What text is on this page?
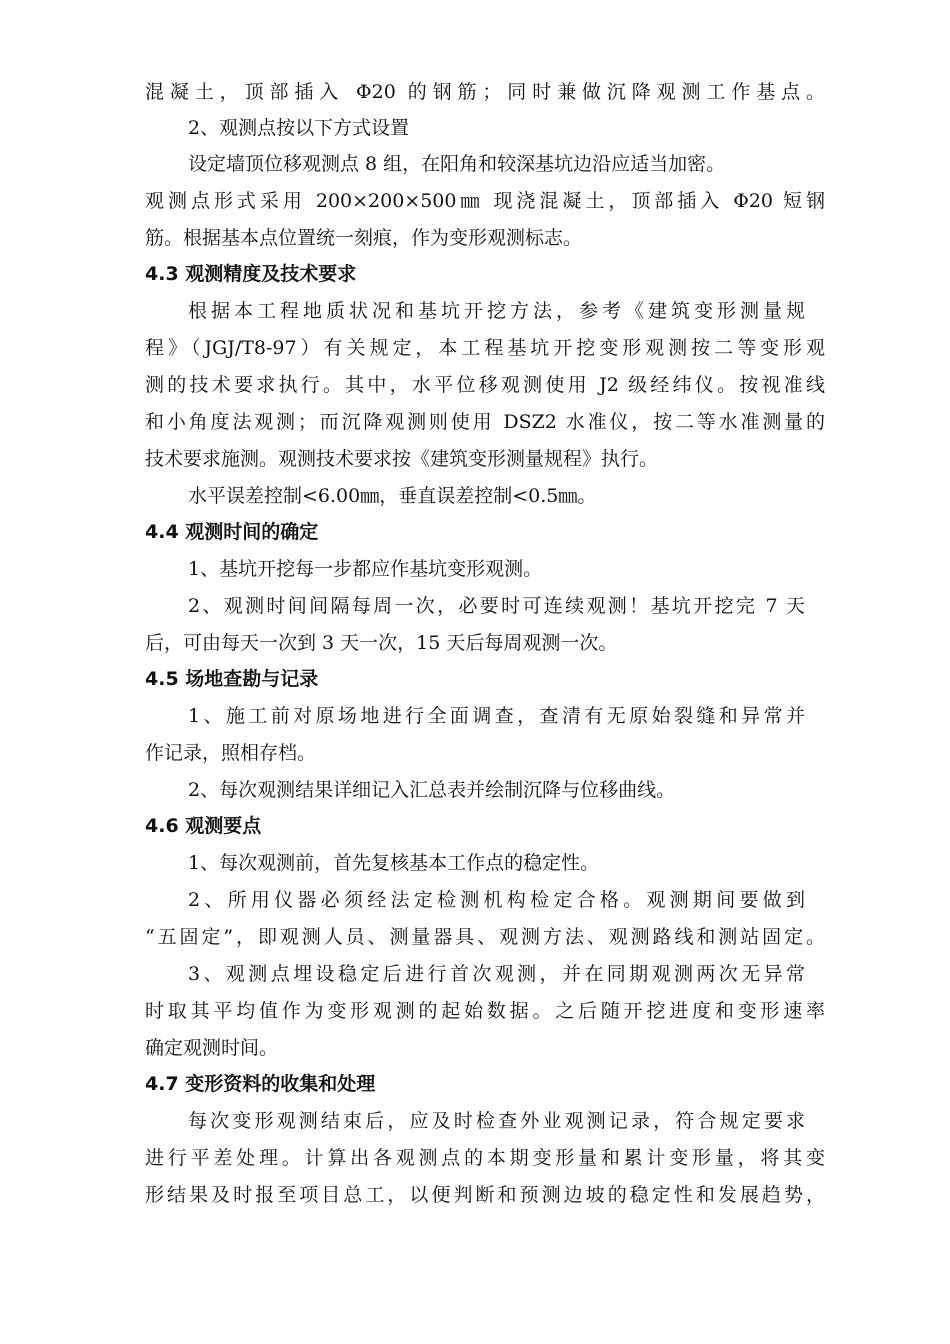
混凝土，顶部插入 Φ20 的钢筋；同时兼做沉降观测工作基点。
2、观测点按以下方式设置
设定墙顶位移观测点 8 组，在阳角和较深基坑边沿应适当加密。
观测点形式采用 200×200×500㎜ 现浇混凝土，顶部插入 Φ20 短钢
筋。根据基本点位置统一刻痕，作为变形观测标志。
4.3 观测精度及技术要求
根据本工程地质状况和基坑开挖方法，参考《建筑变形测量规
程》（JGJ/T8-97）有关规定，本工程基坑开挖变形观测按二等变形观
测的技术要求执行。其中，水平位移观测使用 J2 级经纬仪。按视准线
和小角度法观测；而沉降观测则使用 DSZ2 水准仪，按二等水准测量的
技术要求施测。观测技术要求按《建筑变形测量规程》执行。
水平误差控制<6.00㎜，垂直误差控制<0.5㎜。
4.4 观测时间的确定
1、基坑开挖每一步都应作基坑变形观测。
2、观测时间间隔每周一次，必要时可连续观测！基坑开挖完 7 天
后，可由每天一次到 3 天一次，15 天后每周观测一次。
4.5 场地查勘与记录
1、施工前对原场地进行全面调查，查清有无原始裂缝和异常并
作记录，照相存档。
2、每次观测结果详细记入汇总表并绘制沉降与位移曲线。
4.6 观测要点
1、每次观测前，首先复核基本工作点的稳定性。
2、所用仪器必须经法定检测机构检定合格。观测期间要做到
“五固定”，即观测人员、测量器具、观测方法、观测路线和测站固定。
3、观测点埋设稳定后进行首次观测，并在同期观测两次无异常
时取其平均值作为变形观测的起始数据。之后随开挖进度和变形速率
确定观测时间。
4.7 变形资料的收集和处理
每次变形观测结束后，应及时检查外业观测记录，符合规定要求
进行平差处理。计算出各观测点的本期变形量和累计变形量，将其变
形结果及时报至项目总工，以便判断和预测边坡的稳定性和发展趋势，
